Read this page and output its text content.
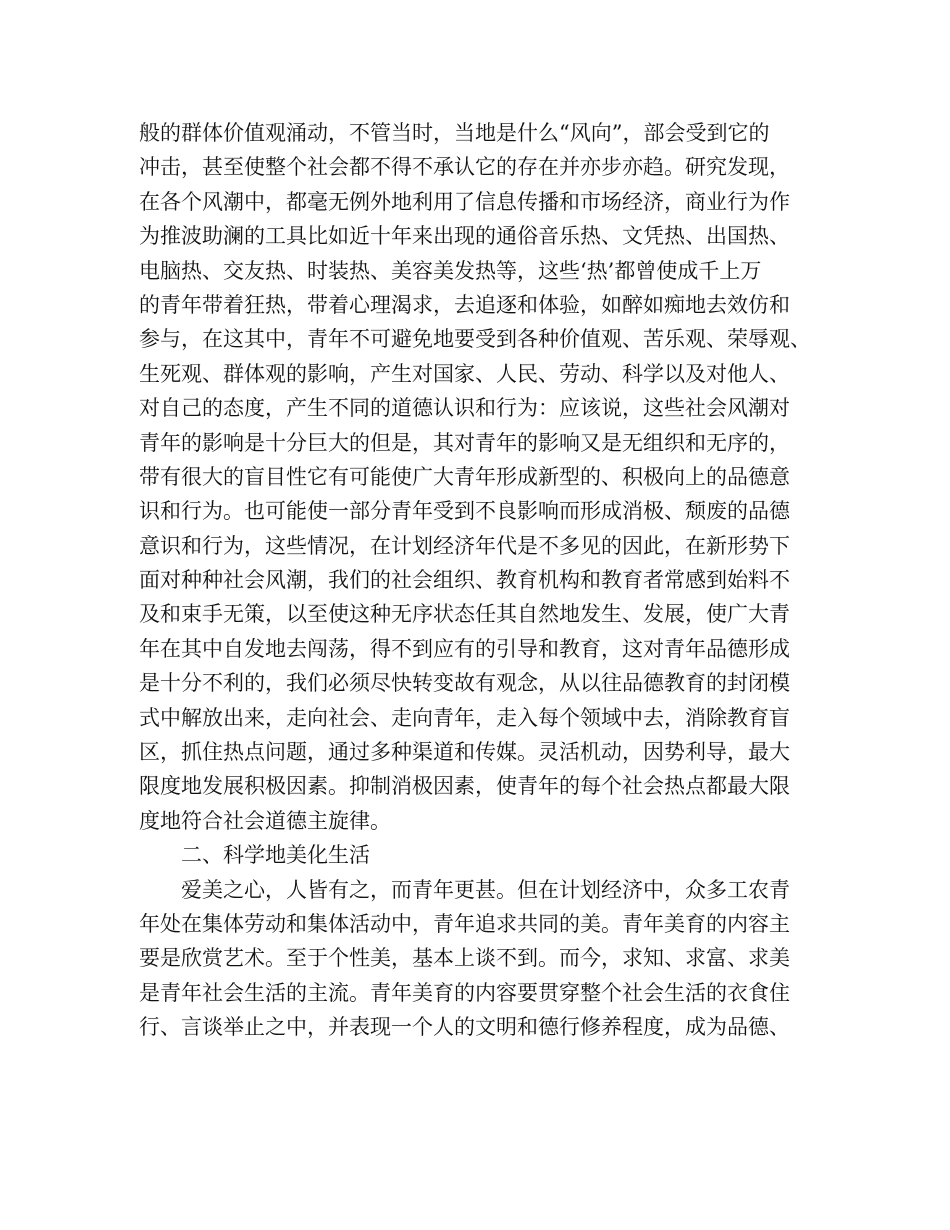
般的群体价值观涌动，不管当时，当地是什么“风向”，部会受到它的
冲击，甚至使整个社会都不得不承认它的存在并亦步亦趋。研究发现，
在各个风潮中，都毫无例外地利用了信息传播和市场经济，商业行为作
为推波助澜的工具比如近十年来出现的通俗音乐热、文凭热、出国热、
电脑热、交友热、时装热、美容美发热等，这些‘热’都曾使成千上万
的青年带着狂热，带着心理渴求，去追逐和体验，如醉如痴地去效仿和
参与，在这其中，青年不可避免地要受到各种价值观、苦乐观、荣辱观、
生死观、群体观的影响，产生对国家、人民、劳动、科学以及对他人、
对自己的态度，产生不同的道德认识和行为：应该说，这些社会风潮对
青年的影响是十分巨大的但是，其对青年的影响又是无组织和无序的，
带有很大的盲目性它有可能使广大青年形成新型的、积极向上的品德意
识和行为。也可能使一部分青年受到不良影响而形成消极、颓废的品德
意识和行为，这些情况，在计划经济年代是不多见的因此，在新形势下
面对种种社会风潮，我们的社会组织、教育机构和教育者常感到始料不
及和束手无策，以至使这种无序状态任其自然地发生、发展，使广大青
年在其中自发地去闯荡，得不到应有的引导和教育，这对青年品德形成
是十分不利的，我们必须尽快转变故有观念，从以往品德教育的封闭模
式中解放出来，走向社会、走向青年，走入每个领域中去，消除教育盲
区，抓住热点问题，通过多种渠道和传媒。灵活机动，因势利导，最大
限度地发展积极因素。抑制消极因素，使青年的每个社会热点都最大限
度地符合社会道德主旋律。
二、科学地美化生活
爱美之心，人皆有之，而青年更甚。但在计划经济中，众多工农青
年处在集体劳动和集体活动中，青年追求共同的美。青年美育的内容主
要是欣赏艺术。至于个性美，基本上谈不到。而今，求知、求富、求美
是青年社会生活的主流。青年美育的内容要贯穿整个社会生活的衣食住
行、言谈举止之中，并表现一个人的文明和德行修养程度，成为品德、
